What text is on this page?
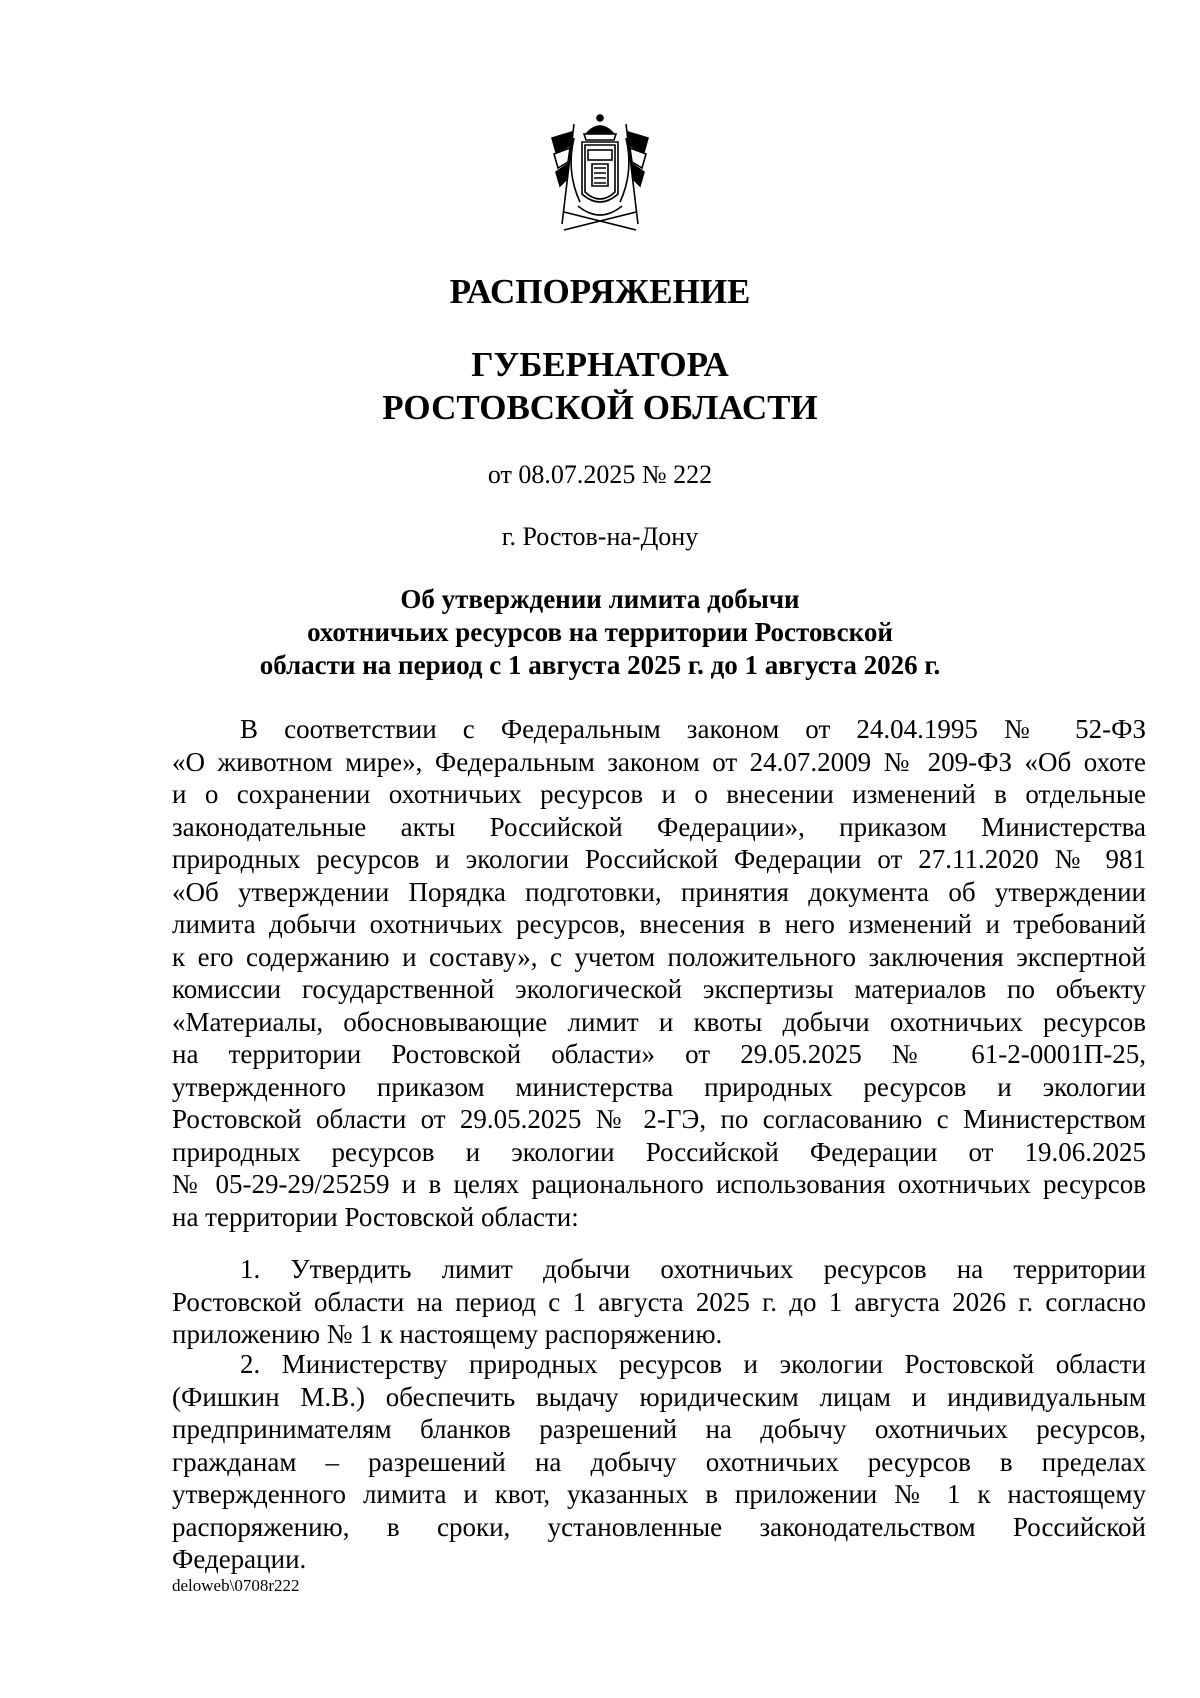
РАСПОРЯЖЕНИЕ
ГУБЕРНАТОРА
РОСТОВСКОЙ ОБЛАСТИ
от 08.07.2025 № 222
г. Ростов-на-Дону
Об утверждении лимита добычи
охотничьих ресурсов на территории Ростовской
области на период с 1 августа 2025 г. до 1 августа 2026 г.
В соответствии с Федеральным законом от 24.04.1995 № 52-ФЗ
«О животном мире», Федеральным законом от 24.07.2009 № 209-ФЗ «Об охоте
и о сохранении охотничьих ресурсов и о внесении изменений в отдельные
законодательные акты Российской Федерации», приказом Министерства
природных ресурсов и экологии Российской Федерации от 27.11.2020 № 981
«Об утверждении Порядка подготовки, принятия документа об утверждении
лимита добычи охотничьих ресурсов, внесения в него изменений и требований
к его содержанию и составу», с учетом положительного заключения экспертной
комиссии государственной экологической экспертизы материалов по объекту
«Материалы, обосновывающие лимит и квоты добычи охотничьих ресурсов
на территории Ростовской области» от 29.05.2025 № 61-2-0001П-25,
утвержденного приказом министерства природных ресурсов и экологии
Ростовской области от 29.05.2025 № 2-ГЭ, по согласованию с Министерством
природных ресурсов и экологии Российской Федерации от 19.06.2025
№ 05-29-29/25259 и в целях рационального использования охотничьих ресурсов
на территории Ростовской области:
1. Утвердить лимит добычи охотничьих ресурсов на территории
Ростовской области на период с 1 августа 2025 г. до 1 августа 2026 г. согласно
приложению № 1 к настоящему распоряжению.
2. Министерству природных ресурсов и экологии Ростовской области
(Фишкин М.В.) обеспечить выдачу юридическим лицам и индивидуальным
предпринимателям бланков разрешений на добычу охотничьих ресурсов,
гражданам – разрешений на добычу охотничьих ресурсов в пределах
утвержденного лимита и квот, указанных в приложении № 1 к настоящему
распоряжению, в сроки, установленные законодательством Российской
Федерации.
deloweb\0708r222
